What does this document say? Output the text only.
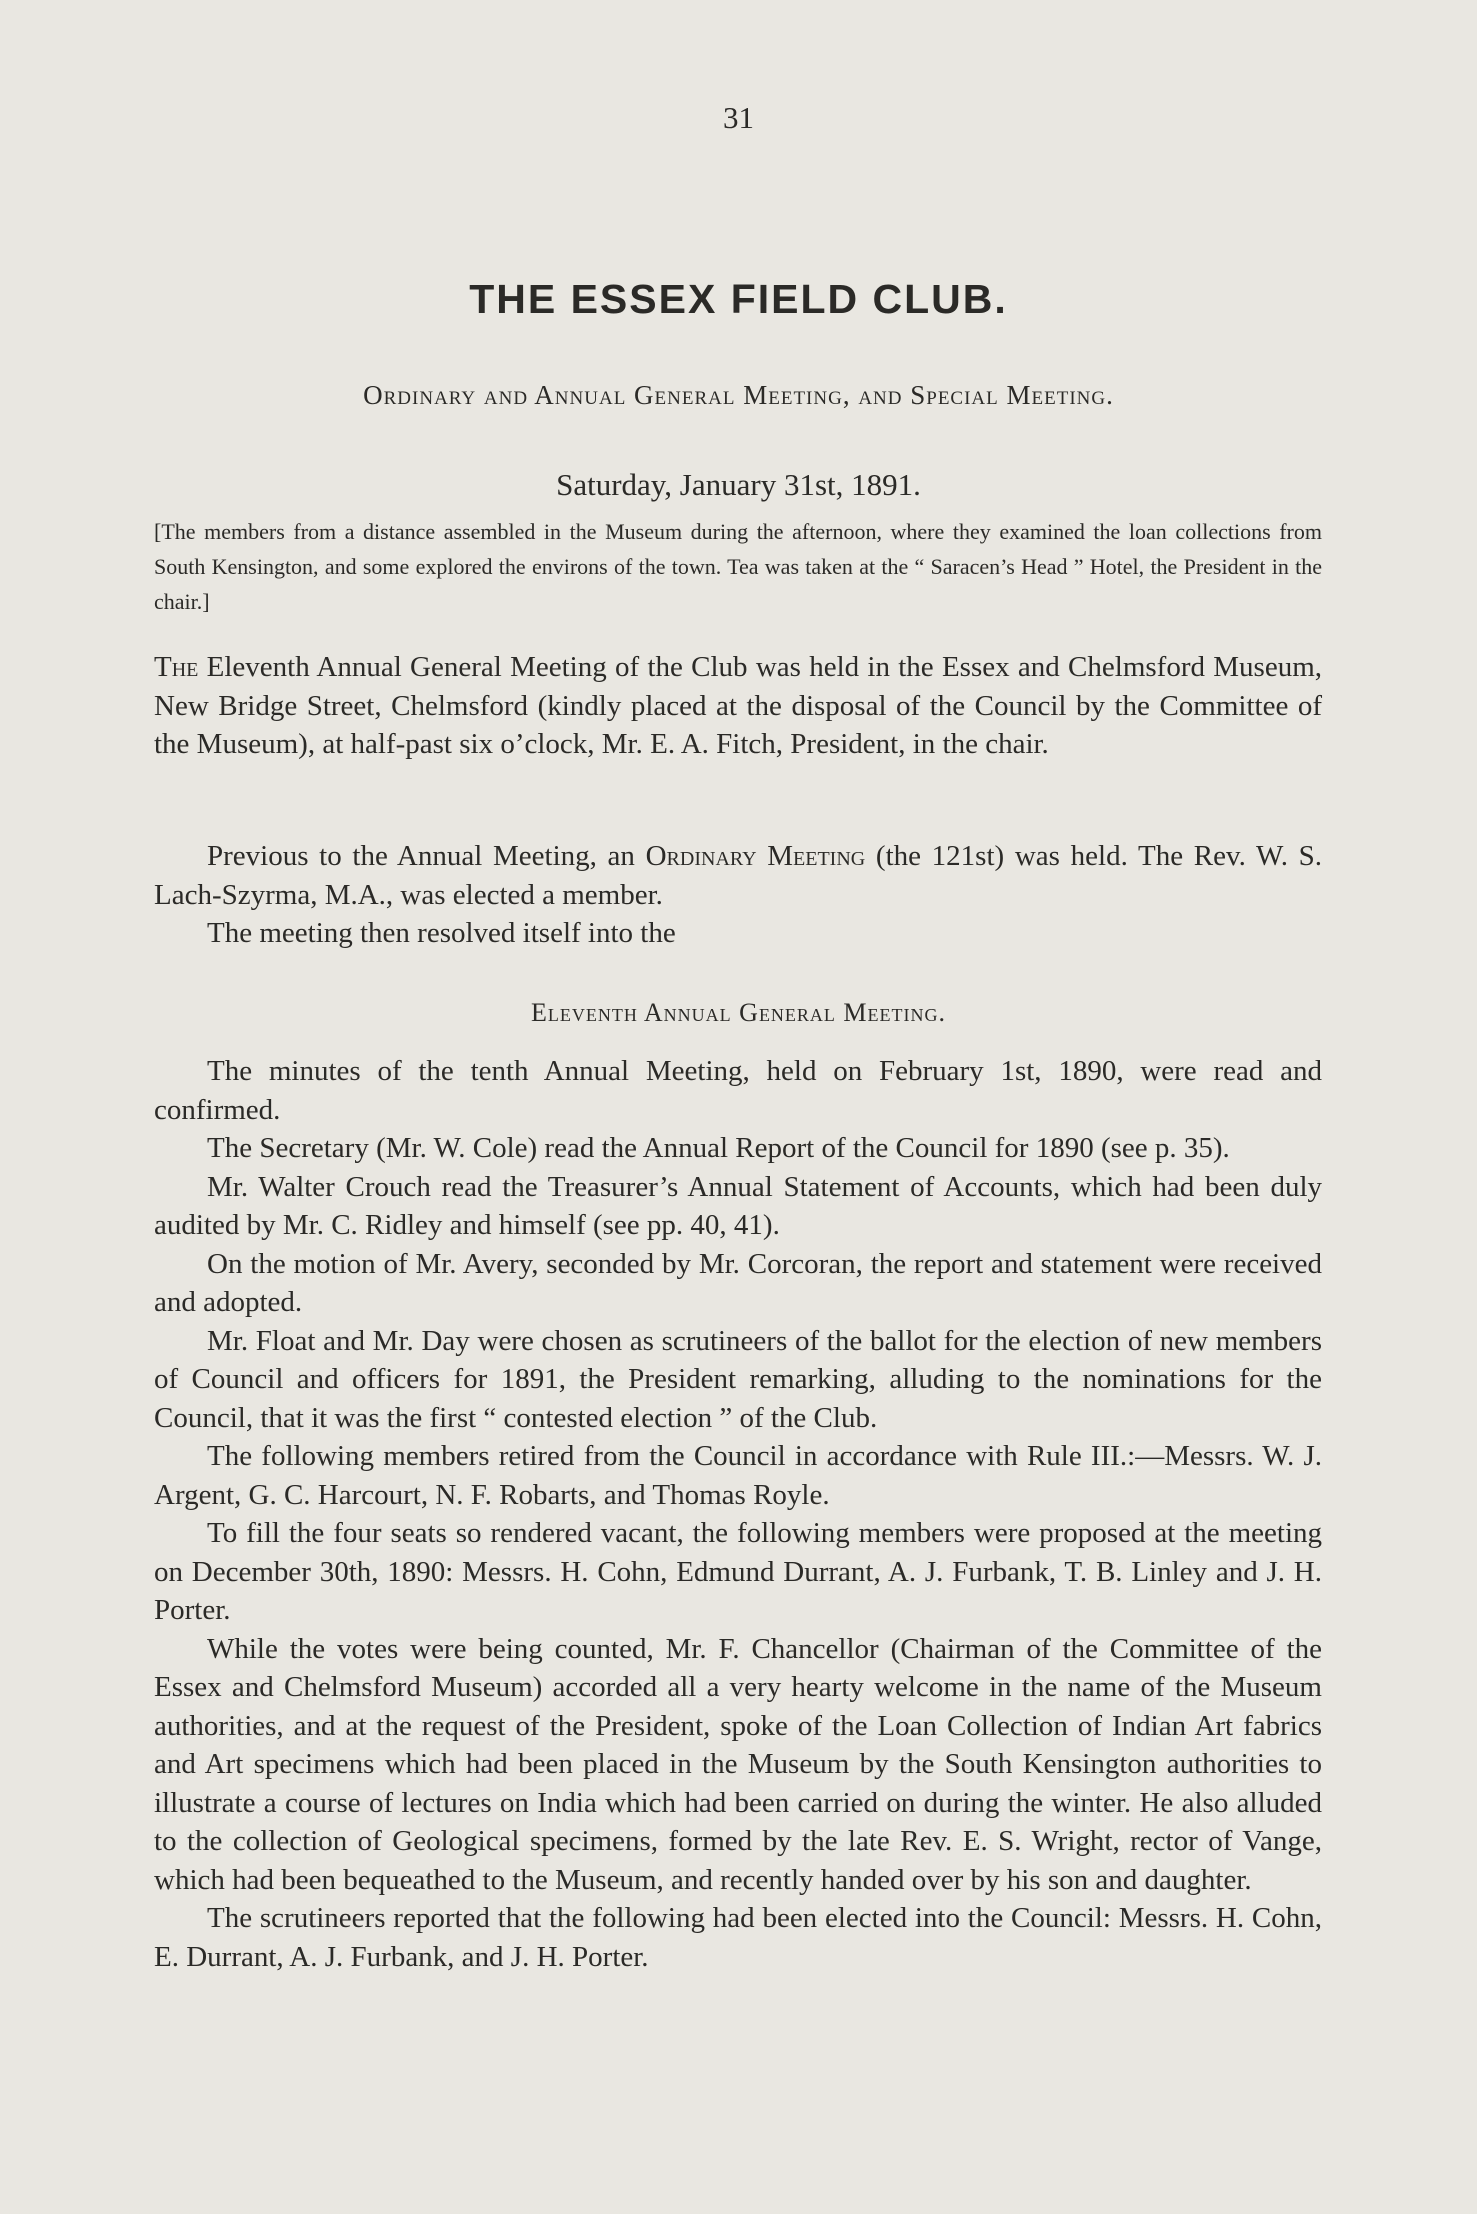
31
THE ESSEX FIELD CLUB.
Ordinary and Annual General Meeting, and Special Meeting.
Saturday, January 31st, 1891.
[The members from a distance assembled in the Museum during the afternoon, where they examined the loan collections from South Kensington, and some explored the environs of the town. Tea was taken at the “ Saracen’s Head ” Hotel, the President in the chair.]

The Eleventh Annual General Meeting of the Club was held in the Essex and Chelmsford Museum, New Bridge Street, Chelmsford (kindly placed at the disposal of the Council by the Committee of the Museum), at half-past six o’clock, Mr. E. A. Fitch, President, in the chair.

Previous to the Annual Meeting, an Ordinary Meeting (the 121st) was held. The Rev. W. S. Lach-Szyrma, M.A., was elected a member.

The meeting then resolved itself into the

Eleventh Annual General Meeting.

The minutes of the tenth Annual Meeting, held on February 1st, 1890, were read and confirmed.

The Secretary (Mr. W. Cole) read the Annual Report of the Council for 1890 (see p. 35).

Mr. Walter Crouch read the Treasurer’s Annual Statement of Accounts, which had been duly audited by Mr. C. Ridley and himself (see pp. 40, 41).

On the motion of Mr. Avery, seconded by Mr. Corcoran, the report and statement were received and adopted.

Mr. Float and Mr. Day were chosen as scrutineers of the ballot for the election of new members of Council and officers for 1891, the President remarking, alluding to the nominations for the Council, that it was the first “ contested election ” of the Club.

The following members retired from the Council in accordance with Rule III.:—Messrs. W. J. Argent, G. C. Harcourt, N. F. Robarts, and Thomas Royle.

To fill the four seats so rendered vacant, the following members were proposed at the meeting on December 30th, 1890: Messrs. H. Cohn, Edmund Durrant, A. J. Furbank, T. B. Linley and J. H. Porter.

While the votes were being counted, Mr. F. Chancellor (Chairman of the Committee of the Essex and Chelmsford Museum) accorded all a very hearty welcome in the name of the Museum authorities, and at the request of the President, spoke of the Loan Collection of Indian Art fabrics and Art specimens which had been placed in the Museum by the South Kensington authorities to illustrate a course of lectures on India which had been carried on during the winter. He also alluded to the collection of Geological specimens, formed by the late Rev. E. S. Wright, rector of Vange, which had been bequeathed to the Museum, and recently handed over by his son and daughter.

The scrutineers reported that the following had been elected into the Council: Messrs. H. Cohn, E. Durrant, A. J. Furbank, and J. H. Porter.
